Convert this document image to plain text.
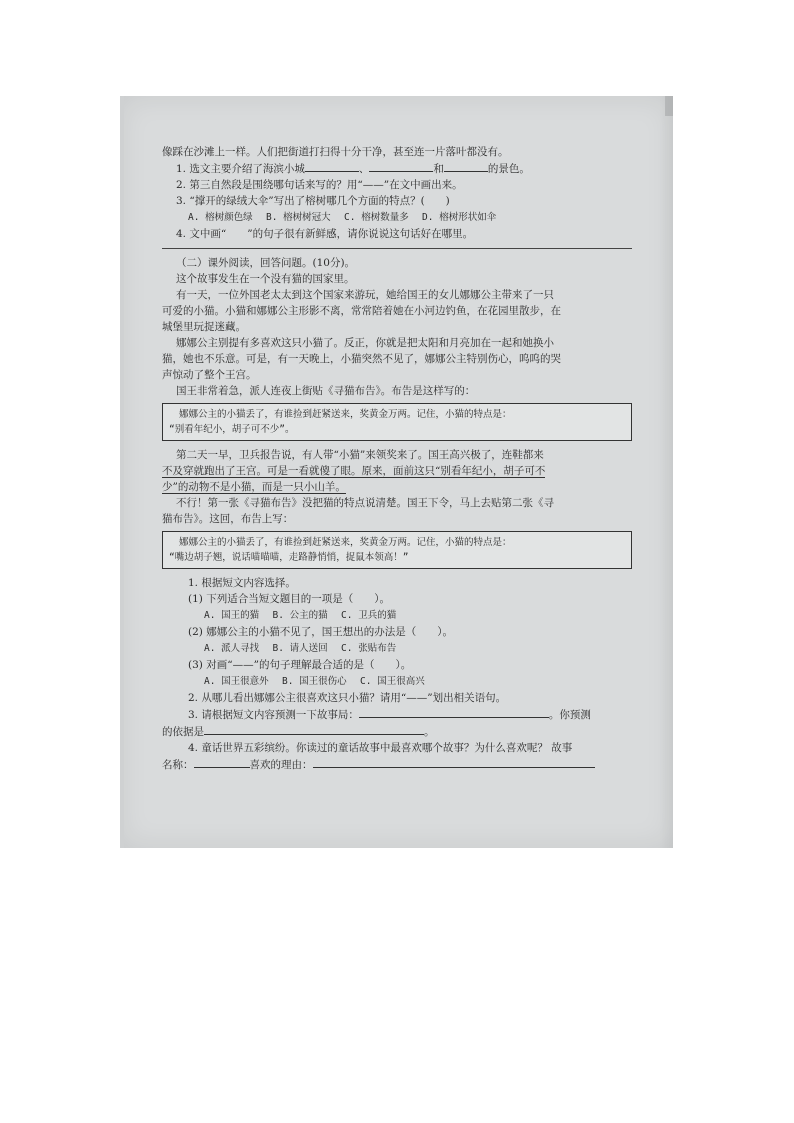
像踩在沙滩上一样。人们把街道打扫得十分干净，甚至连一片落叶都没有。
1. 选文主要介绍了海滨小城	、	和	的景色。
2. 第三自然段是围绕哪句话来写的？用“——”在文中画出来。
3. “撑开的绿绒大伞”写出了榕树哪几个方面的特点？(　　)
A. 榕树颜色绿 B. 榕树树冠大 C. 榕树数量多 D. 榕树形状如伞
4. 文中画“　　”的句子很有新鲜感，请你说说这句话好在哪里。
（二）课外阅读，回答问题。(10分)。
这个故事发生在一个没有猫的国家里。
有一天，一位外国老太太到这个国家来游玩，她给国王的女儿娜娜公主带来了一只
可爱的小猫。小猫和娜娜公主形影不离，常常陪着她在小河边钓鱼，在花园里散步，在
城堡里玩捉迷藏。
娜娜公主别提有多喜欢这只小猫了。反正，你就是把太阳和月亮加在一起和她换小
猫，她也不乐意。可是，有一天晚上，小猫突然不见了，娜娜公主特别伤心，呜呜的哭
声惊动了整个王宫。
国王非常着急，派人连夜上街贴《寻猫布告》。布告是这样写的：
娜娜公主的小猫丢了，有谁捡到赶紧送来，奖黄金万两。记住，小猫的特点是：
“别看年纪小，胡子可不少”。
第二天一早，卫兵报告说，有人带“小猫”来领奖来了。国王高兴极了，连鞋都来
不及穿就跑出了王宫。可是一看就傻了眼。原来，面前这只“别看年纪小，胡子可不
少”的动物不是小猫，而是一只小山羊。
不行！第一张《寻猫布告》没把猫的特点说清楚。国王下令，马上去贴第二张《寻
猫布告》。这回，布告上写：
娜娜公主的小猫丢了，有谁捡到赶紧送来，奖黄金万两。记住，小猫的特点是：
“嘴边胡子翘，说话喵喵喵，走路静悄悄，捉鼠本领高！”
1. 根据短文内容选择。
(1) 下列适合当短文题目的一项是（　　）。
A. 国王的猫 B. 公主的猫 C. 卫兵的猫
(2) 娜娜公主的小猫不见了，国王想出的办法是（　　）。
A. 派人寻找 B. 请人送回 C. 张贴布告
(3) 对画“——”的句子理解最合适的是（　　）。
A. 国王很意外 B. 国王很伤心 C. 国王很高兴
2. 从哪儿看出娜娜公主很喜欢这只小猫？请用“——”划出相关语句。
3. 请根据短文内容预测一下故事局：	。你预测
的依据是	。
4. 童话世界五彩缤纷。你读过的童话故事中最喜欢哪个故事？为什么喜欢呢？ 故事
名称：	喜欢的理由：
